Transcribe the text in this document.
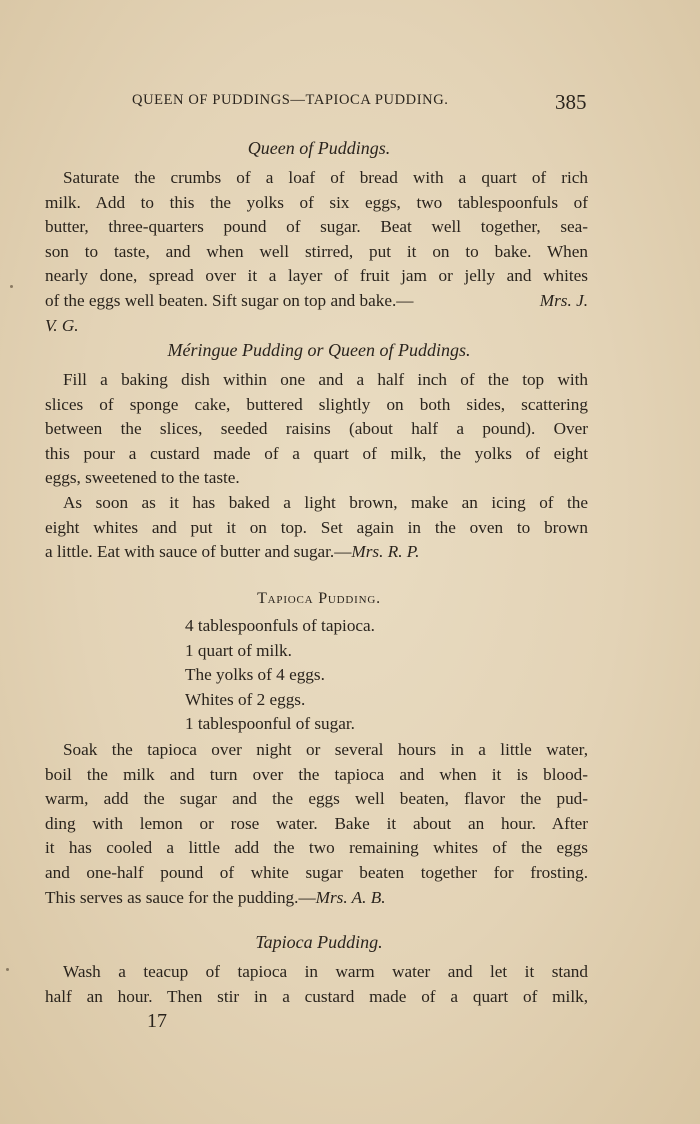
QUEEN OF PUDDINGS—TAPIOCA PUDDING.	385
Queen of Puddings.
Saturate the crumbs of a loaf of bread with a quart of rich
milk. Add to this the yolks of six eggs, two tablespoonfuls of
butter, three-quarters pound of sugar. Beat well together, sea-
son to taste, and when well stirred, put it on to bake. When
nearly done, spread over it a layer of fruit jam or jelly and whites
of the eggs well beaten. Sift sugar on top and bake.—	Mrs. J.
V. G.
Méringue Pudding or Queen of Puddings.
Fill a baking dish within one and a half inch of the top with
slices of sponge cake, buttered slightly on both sides, scattering
between the slices, seeded raisins (about half a pound). Over
this pour a custard made of a quart of milk, the yolks of eight
eggs, sweetened to the taste.
As soon as it has baked a light brown, make an icing of the
eight whites and put it on top. Set again in the oven to brown
a little. Eat with sauce of butter and sugar.—Mrs. R. P.
Tapioca Pudding.
4 tablespoonfuls of tapioca.
1 quart of milk.
The yolks of 4 eggs.
Whites of 2 eggs.
1 tablespoonful of sugar.
Soak the tapioca over night or several hours in a little water,
boil the milk and turn over the tapioca and when it is blood-
warm, add the sugar and the eggs well beaten, flavor the pud-
ding with lemon or rose water. Bake it about an hour. After
it has cooled a little add the two remaining whites of the eggs
and one-half pound of white sugar beaten together for frosting.
This serves as sauce for the pudding.—Mrs. A. B.
Tapioca Pudding.
Wash a teacup of tapioca in warm water and let it stand
half an hour. Then stir in a custard made of a quart of milk,
17
